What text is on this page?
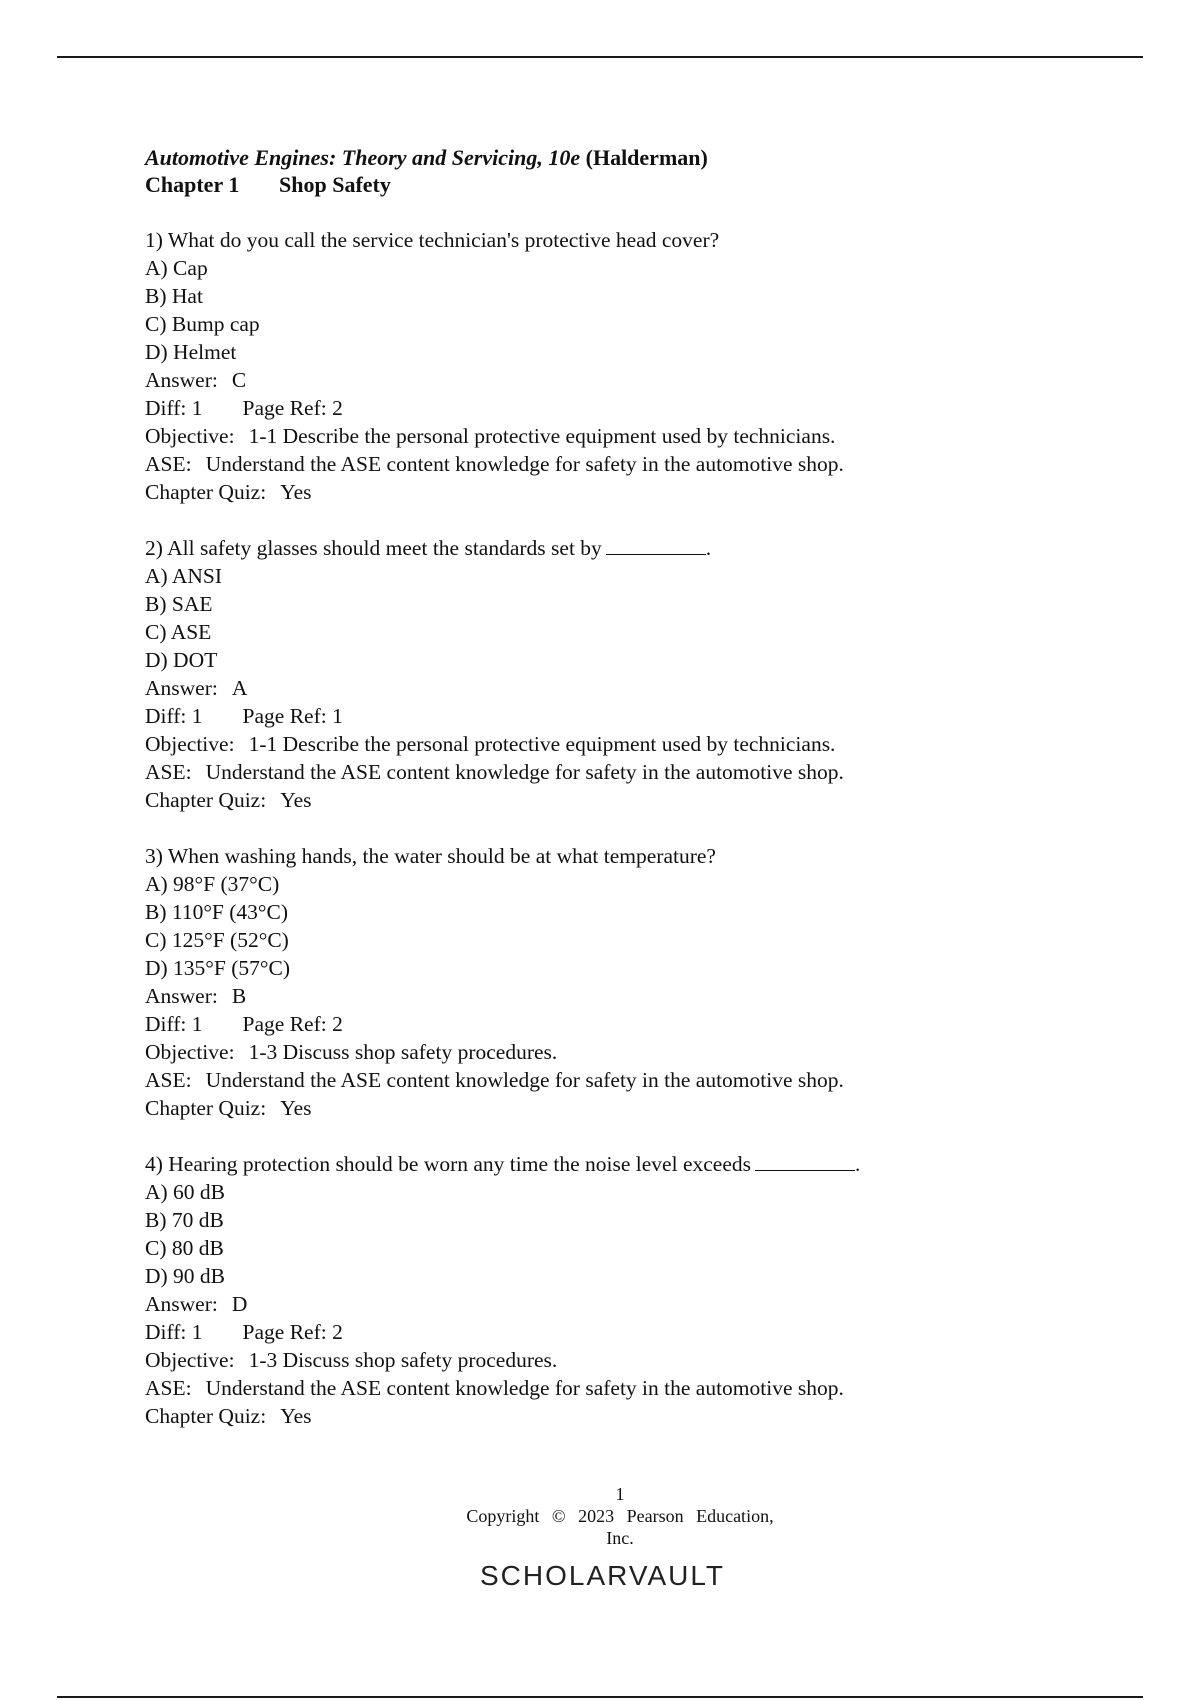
Automotive Engines: Theory and Servicing, 10e (Halderman)
Chapter 1 Shop Safety
1) What do you call the service technician's protective head cover?
A) Cap
B) Hat
C) Bump cap
D) Helmet
Answer: C
Diff: 1 Page Ref: 2
Objective: 1-1 Describe the personal protective equipment used by technicians.
ASE: Understand the ASE content knowledge for safety in the automotive shop.
Chapter Quiz: Yes
2) All safety glasses should meet the standards set by	.
A) ANSI
B) SAE
C) ASE
D) DOT
Answer: A
Diff: 1 Page Ref: 1
Objective: 1-1 Describe the personal protective equipment used by technicians.
ASE: Understand the ASE content knowledge for safety in the automotive shop.
Chapter Quiz: Yes
3) When washing hands, the water should be at what temperature?
A) 98°F (37°C)
B) 110°F (43°C)
C) 125°F (52°C)
D) 135°F (57°C)
Answer: B
Diff: 1 Page Ref: 2
Objective: 1-3 Discuss shop safety procedures.
ASE: Understand the ASE content knowledge for safety in the automotive shop.
Chapter Quiz: Yes
4) Hearing protection should be worn any time the noise level exceeds	.
A) 60 dB
B) 70 dB
C) 80 dB
D) 90 dB
Answer: D
Diff: 1 Page Ref: 2
Objective: 1-3 Discuss shop safety procedures.
ASE: Understand the ASE content knowledge for safety in the automotive shop.
Chapter Quiz: Yes
1
Copyright © 2023 Pearson Education,
Inc.
SCHOLARVAULT
